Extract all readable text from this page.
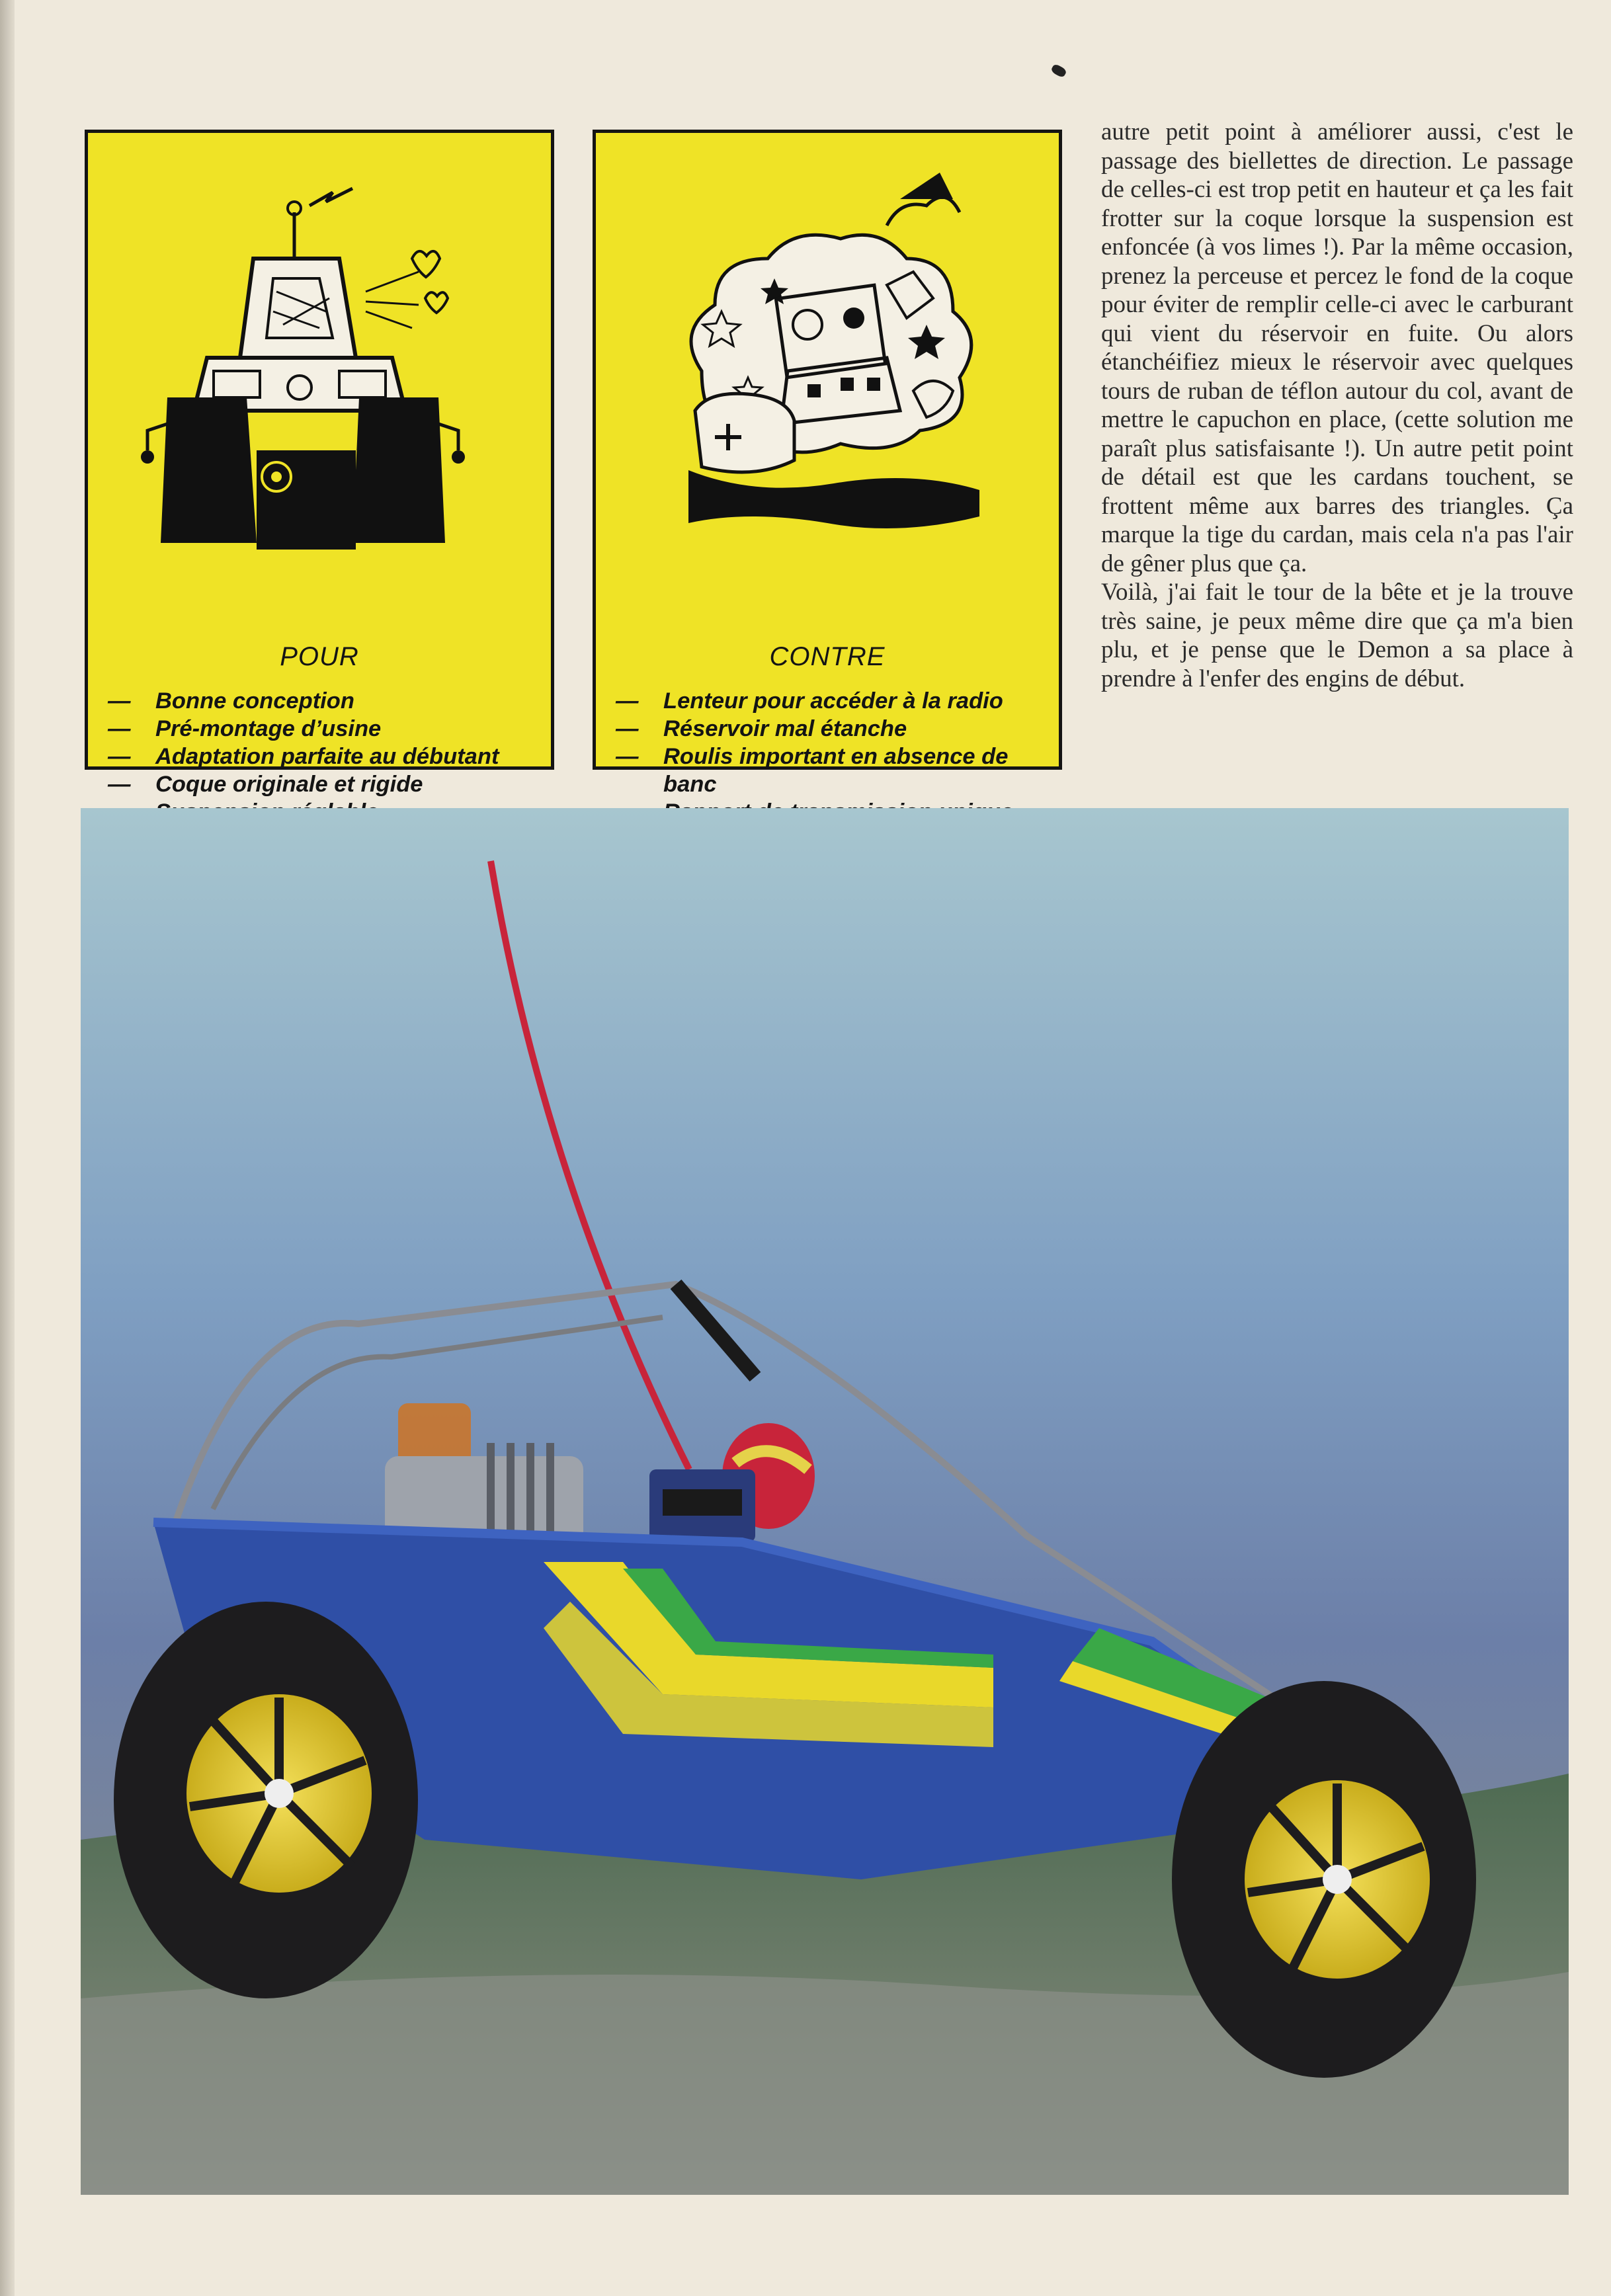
POUR
—	Bonne conception
—	Pré-montage d’usine
—	Adaptation parfaite au débutant
—	Coque originale et rigide
CONTRE
—	Lenteur pour accéder à la radio
—	Réservoir mal étanche
—	Roulis important en absence de banc

autre petit point à améliorer aussi, c'est le passage des biellettes de direction. Le passage de celles-ci est trop petit en hauteur et ça les fait frotter sur la coque lorsque la suspension est enfoncée (à vos limes !). Par la même occasion, prenez la perceuse et percez le fond de la coque pour éviter de remplir celle-ci avec le carburant qui vient du réservoir en fuite. Ou alors étanchéifiez mieux le réservoir avec quelques tours de ruban de téflon autour du col, avant de mettre le capuchon en place, (cette solution me paraît plus satisfaisante !). Un autre petit point de détail est que les cardans touchent, se frottent même aux barres des triangles. Ça marque la tige du cardan, mais cela n'a pas l'air de gêner plus que ça.

Voilà, j'ai fait le tour de la bête et je la trouve très saine, je peux même dire que ça m'a bien plu, et je pense que le Demon a sa place à prendre à l'enfer des engins de début.
